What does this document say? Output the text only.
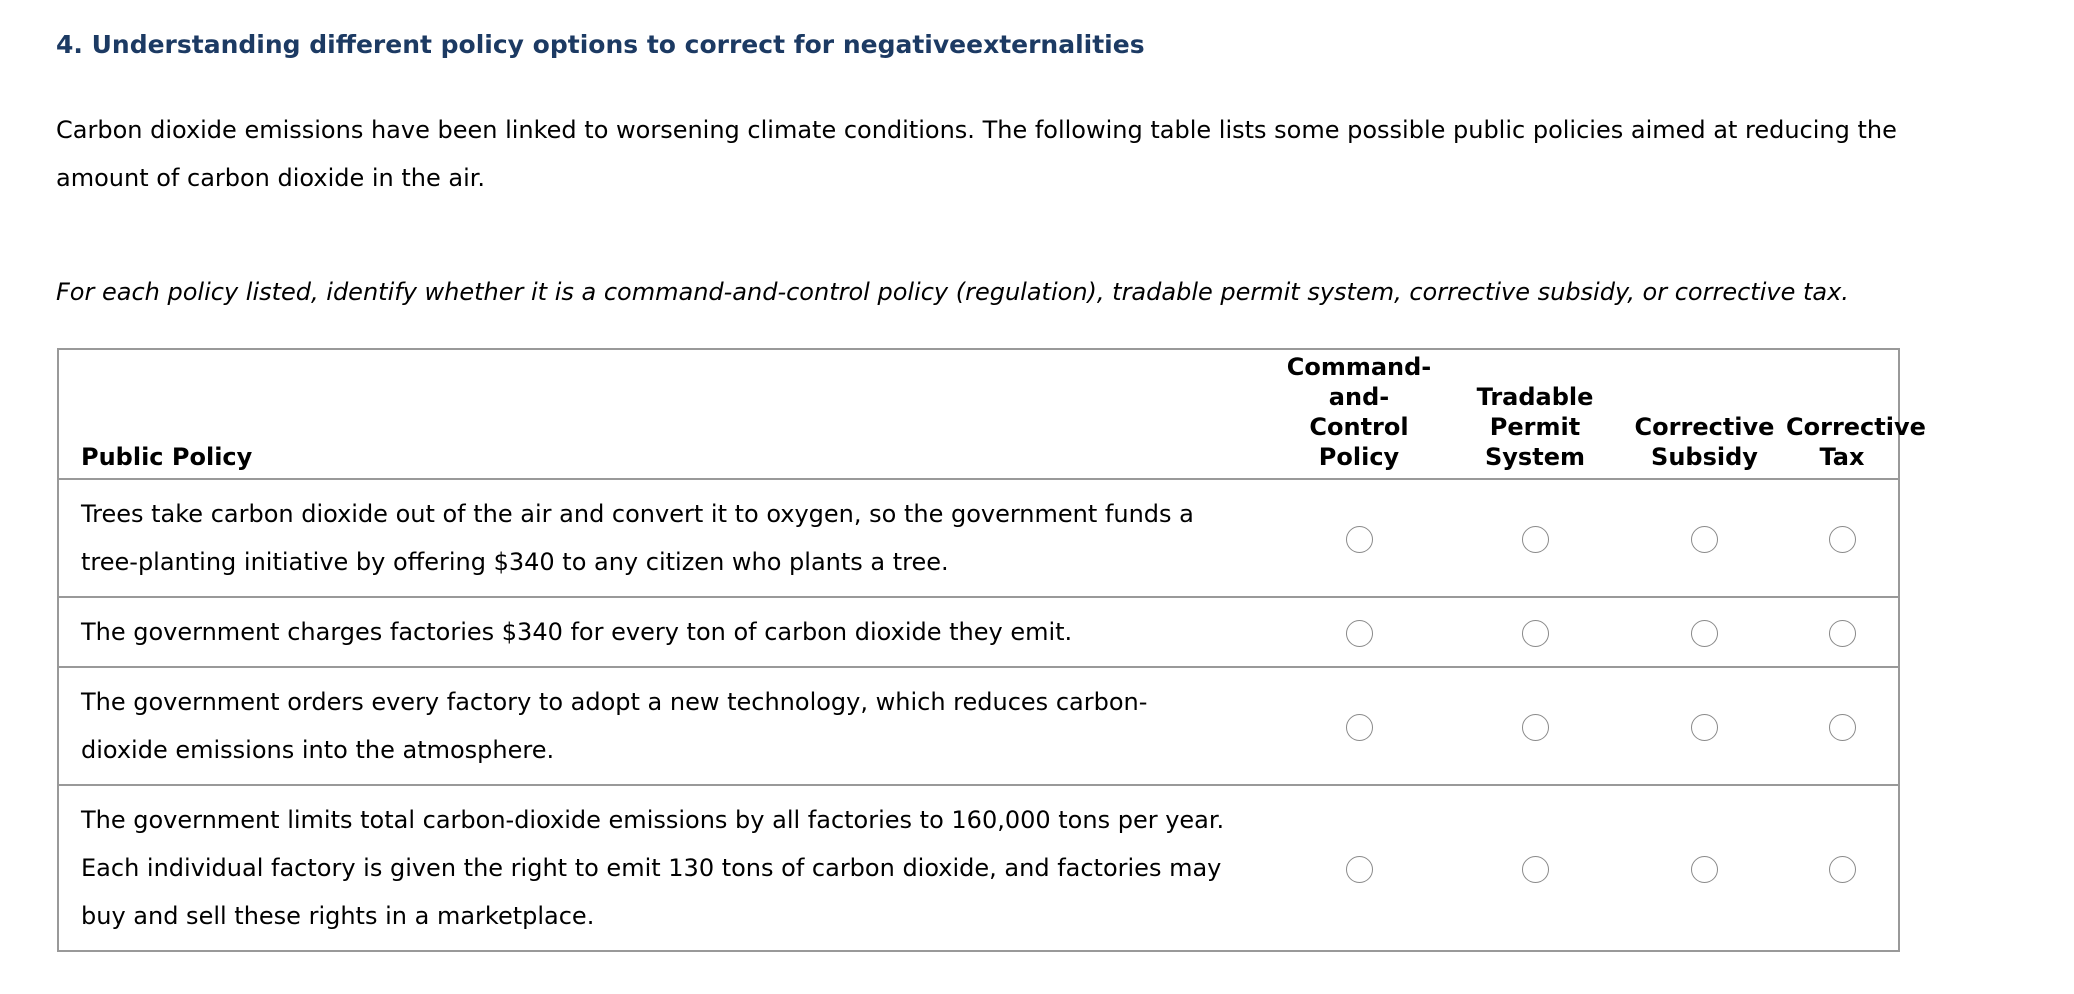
4. Understanding different policy options to correct for negativeexternalities

Carbon dioxide emissions have been linked to worsening climate conditions. The following table lists some possible public policies aimed at reducing the amount of carbon dioxide in the air.

For each policy listed, identify whether it is a command-and-control policy (regulation), tradable permit system, corrective subsidy, or corrective tax.

Public Policy	Command-
and-
Control
Policy	Tradable
Permit
System	Corrective
Subsidy	Corrective
Tax
Trees take carbon dioxide out of the air and convert it to oxygen, so the government funds a tree-planting initiative by offering $340 to any citizen who plants a tree.				
The government charges factories $340 for every ton of carbon dioxide they emit.				
The government orders every factory to adopt a new technology, which reduces carbon-dioxide emissions into the atmosphere.				
The government limits total carbon-dioxide emissions by all factories to 160,000 tons per year. Each individual factory is given the right to emit 130 tons of carbon dioxide, and factories may buy and sell these rights in a marketplace.				
